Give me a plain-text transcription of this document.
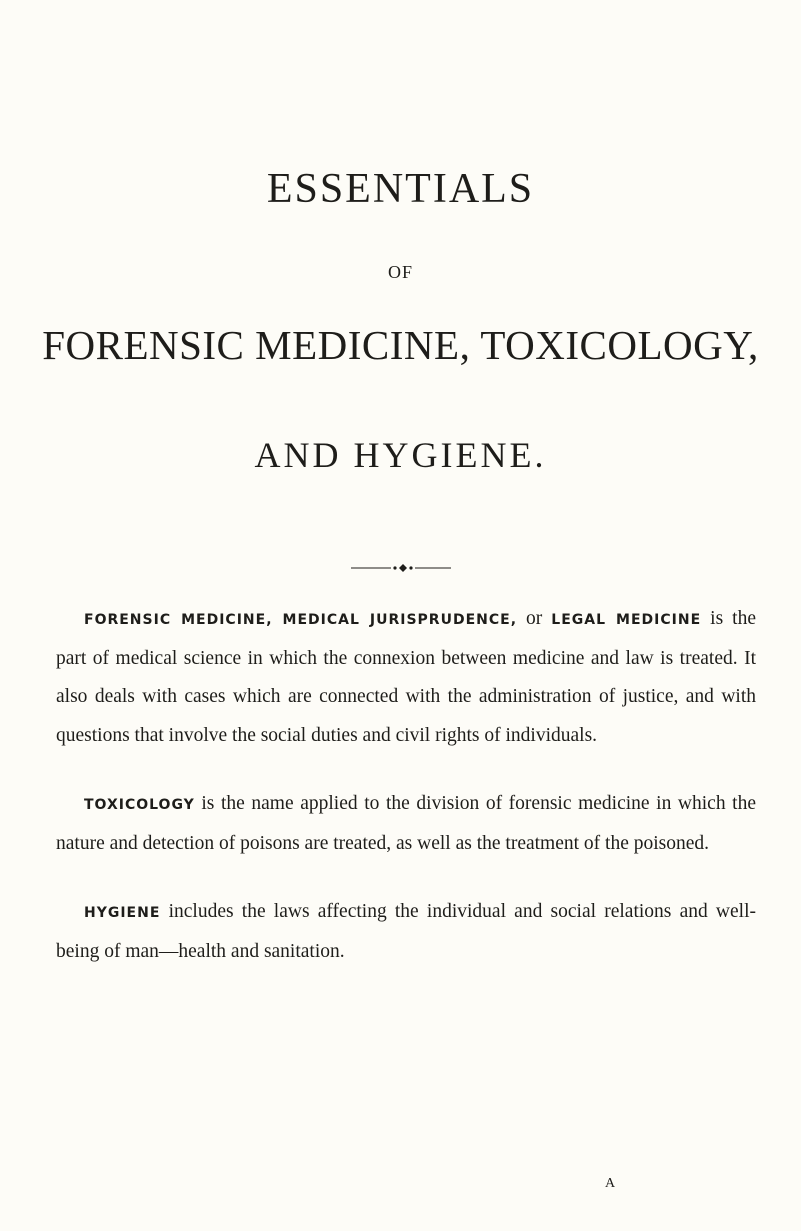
ESSENTIALS
OF
FORENSIC MEDICINE, TOXICOLOGY,
AND HYGIENE.

FORENSIC MEDICINE, MEDICAL JURISPRUDENCE, or LEGAL MEDICINE is the part of medical science in which the connexion between medicine and law is treated. It also deals with cases which are connected with the administration of justice, and with questions that involve the social duties and civil rights of individuals.

TOXICOLOGY is the name applied to the division of forensic medicine in which the nature and detection of poisons are treated, as well as the treatment of the poisoned.

HYGIENE includes the laws affecting the individual and social relations and well-being of man—health and sanitation.

A
